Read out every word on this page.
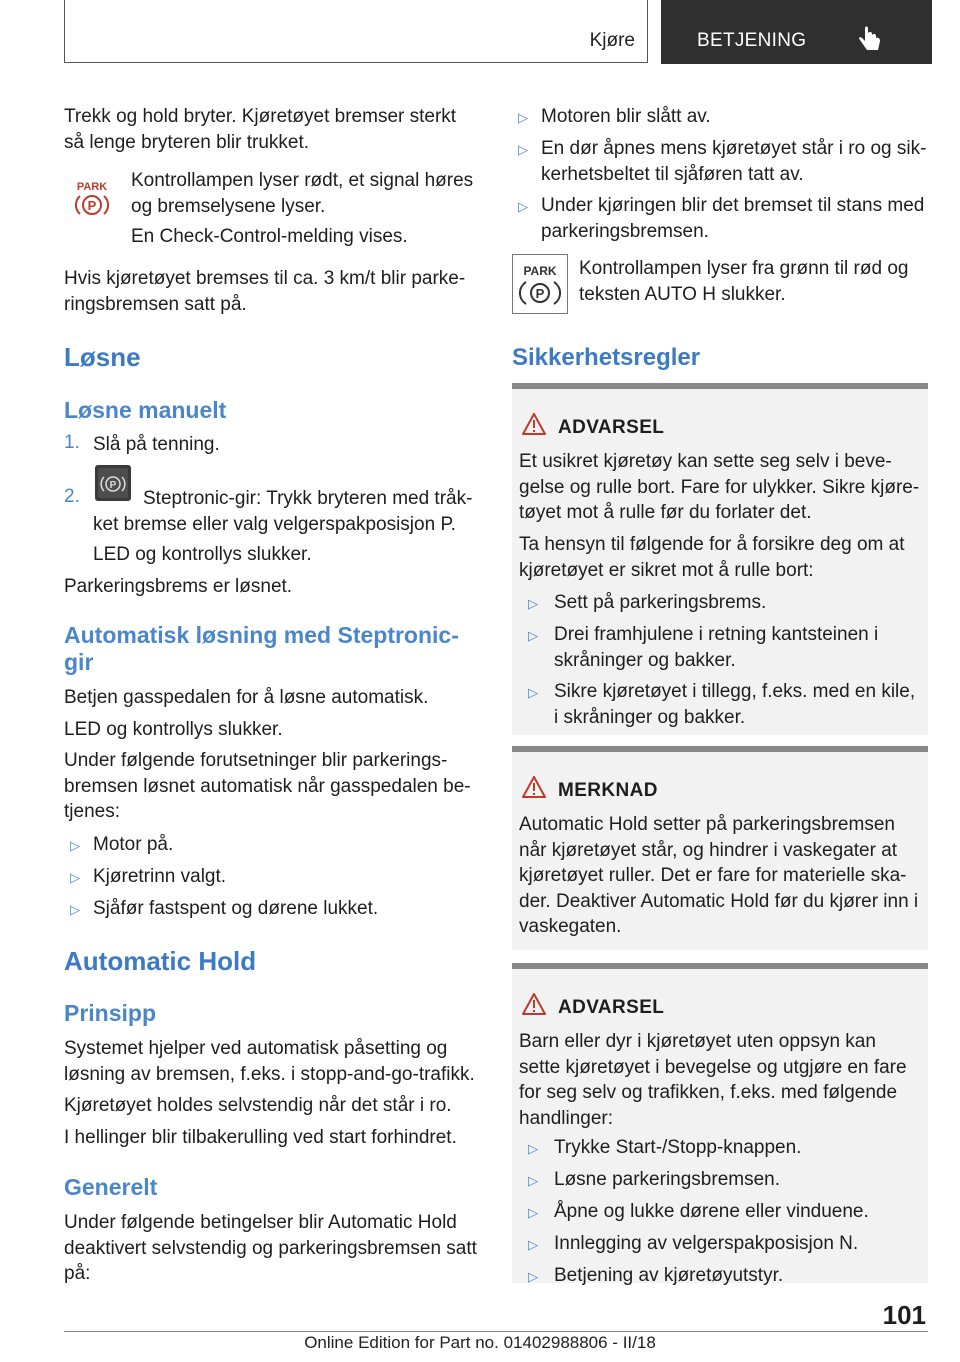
Kjøre	BETJENING

Trekk og hold bryter. Kjøretøyet bremser sterkt så lenge bryteren blir trukket.

PARK
P

Kontrollampen lyser rødt, et signal høres og bremselysene lyser.

En Check-Control-melding vises.

Hvis kjøretøyet bremses til ca. 3 km/t blir parkeringsbremsen satt på.

Løsne
Løsne manuelt
1. Slå på tenning.

2.
P

Steptronic-gir: Trykk bryteren med tråkket bremse eller valg velgerspakposisjon P.

LED og kontrollys slukker.

Parkeringsbrems er løsnet.

Automatisk løsning med Steptronic-gir

Betjen gasspedalen for å løsne automatisk.

LED og kontrollys slukker.

Under følgende forutsetninger blir parkeringsbremsen løsnet automatisk når gasspedalen betjenes:

▷ Motor på.

▷ Kjøretrinn valgt.

▷ Sjåfør fastspent og dørene lukket.

Automatic Hold
Prinsipp

Systemet hjelper ved automatisk påsetting og løsning av bremsen, f.eks. i stopp-and-go-trafikk.

Kjøretøyet holdes selvstendig når det står i ro.

I hellinger blir tilbakerulling ved start forhindret.

Generelt

Under følgende betingelser blir Automatic Hold deaktivert selvstendig og parkeringsbremsen satt på:

▷ Motoren blir slått av.

▷ En dør åpnes mens kjøretøyet står i ro og sikkerhetsbeltet til sjåføren tatt av.

▷ Under kjøringen blir det bremset til stans med parkeringsbremsen.

PARK
P

Kontrollampen lyser fra grønn til rød og teksten AUTO H slukker.

Sikkerhetsregler
ADVARSEL

Et usikret kjøretøy kan sette seg selv i bevegelse og rulle bort. Fare for ulykker. Sikre kjøretøyet mot å rulle før du forlater det.

Ta hensyn til følgende for å forsikre deg om at kjøretøyet er sikret mot å rulle bort:

▷ Sett på parkeringsbrems.

▷ Drei framhjulene i retning kantsteinen i skråninger og bakker.

▷ Sikre kjøretøyet i tillegg, f.eks. med en kile, i skråninger og bakker.

MERKNAD

Automatic Hold setter på parkeringsbremsen når kjøretøyet står, og hindrer i vaskegater at kjøretøyet ruller. Det er fare for materielle skader. Deaktiver Automatic Hold før du kjører inn i vaskegaten.

ADVARSEL

Barn eller dyr i kjøretøyet uten oppsyn kan sette kjøretøyet i bevegelse og utgjøre en fare for seg selv og trafikken, f.eks. med følgende handlinger:

▷ Trykke Start-/Stopp-knappen.

▷ Løsne parkeringsbremsen.

▷ Åpne og lukke dørene eller vinduene.

▷ Innlegging av velgerspakposisjon N.

▷ Betjening av kjøretøyutstyr.

101
Online Edition for Part no. 01402988806 - II/18
